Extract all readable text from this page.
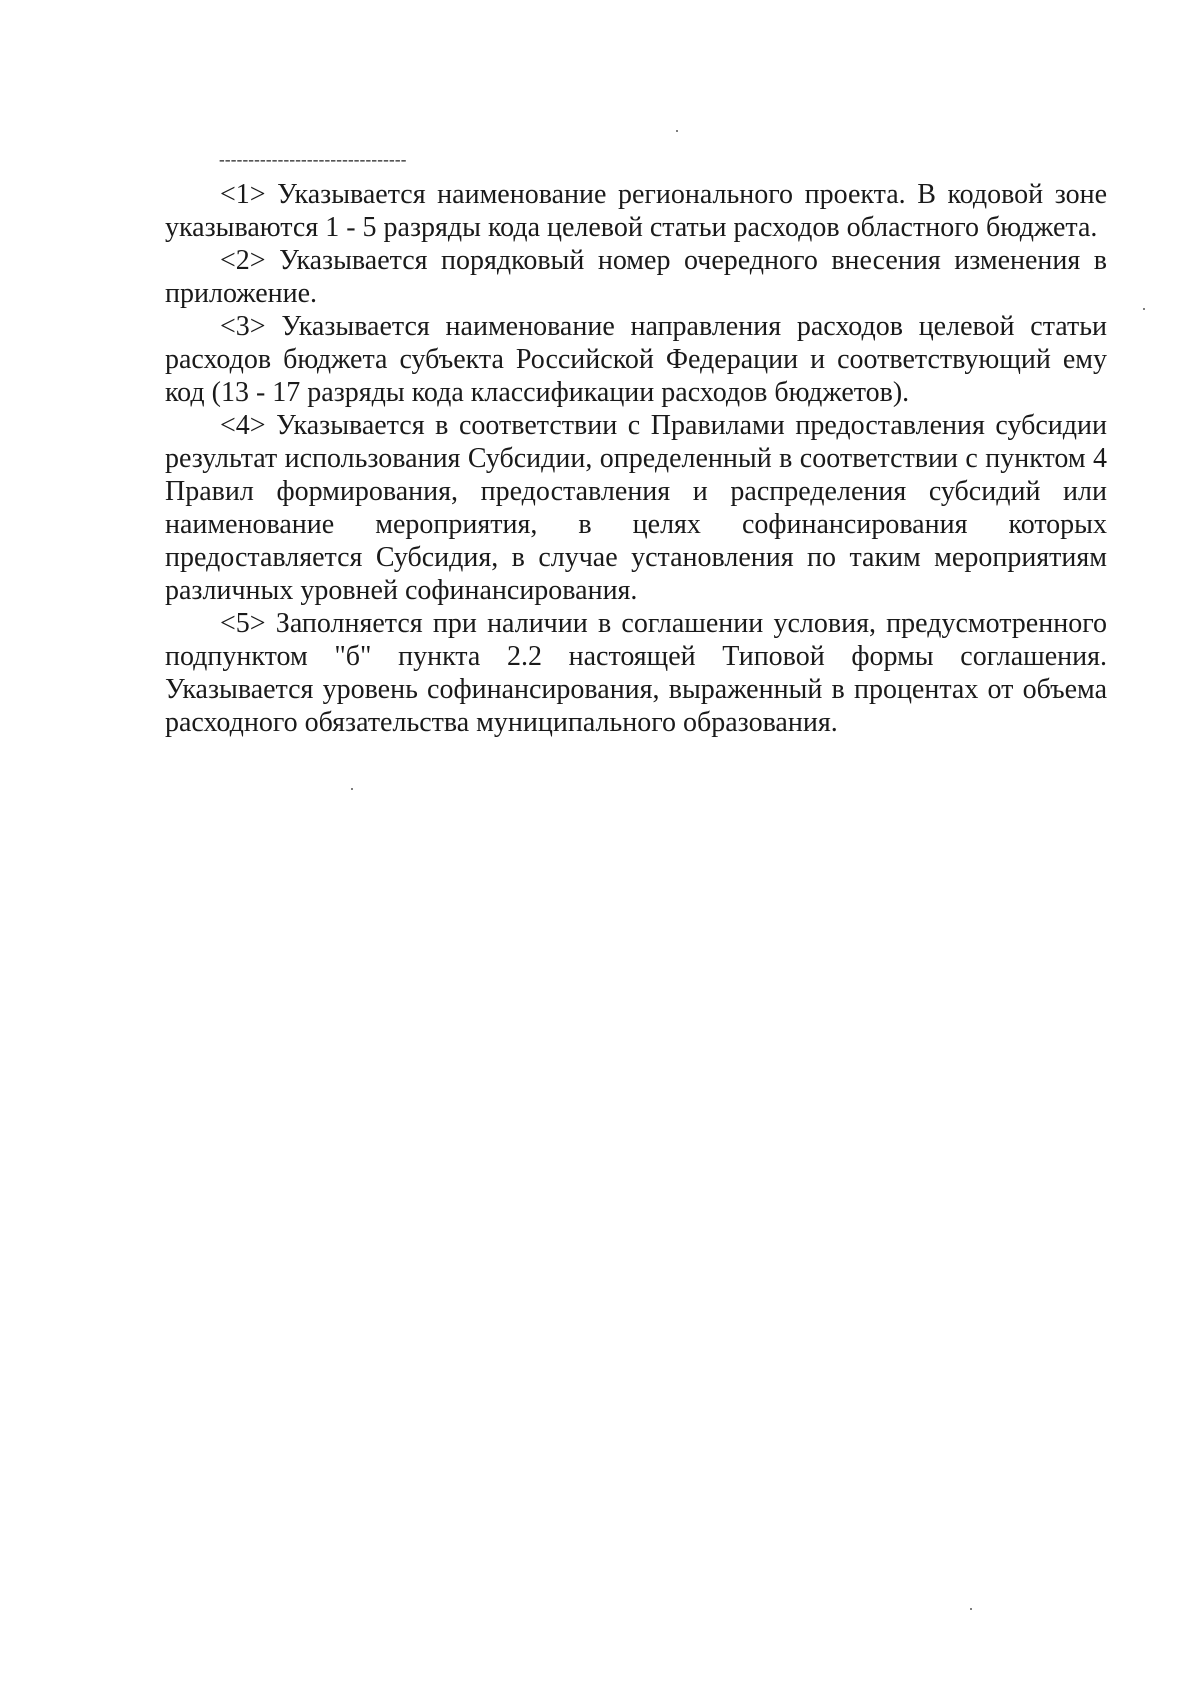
--------------------------------

<1> Указывается наименование регионального проекта. В кодовой зоне указываются 1 - 5 разряды кода целевой статьи расходов областного бюджета.

<2> Указывается порядковый номер очередного внесения изменения в приложение.

<3> Указывается наименование направления расходов целевой статьи расходов бюджета субъекта Российской Федерации и соответствующий ему код (13 - 17 разряды кода классификации расходов бюджетов).

<4> Указывается в соответствии с Правилами предоставления субсидии результат использования Субсидии, определенный в соответствии с пунктом 4 Правил формирования, предоставления и распределения субсидий или наименование мероприятия, в целях софинансирования которых предоставляется Субсидия, в случае установления по таким мероприятиям различных уровней софинансирования.

<5> Заполняется при наличии в соглашении условия, предусмотренного подпунктом "б" пункта 2.2 настоящей Типовой формы соглашения. Указывается уровень софинансирования, выраженный в процентах от объема расходного обязательства муниципального образования.
